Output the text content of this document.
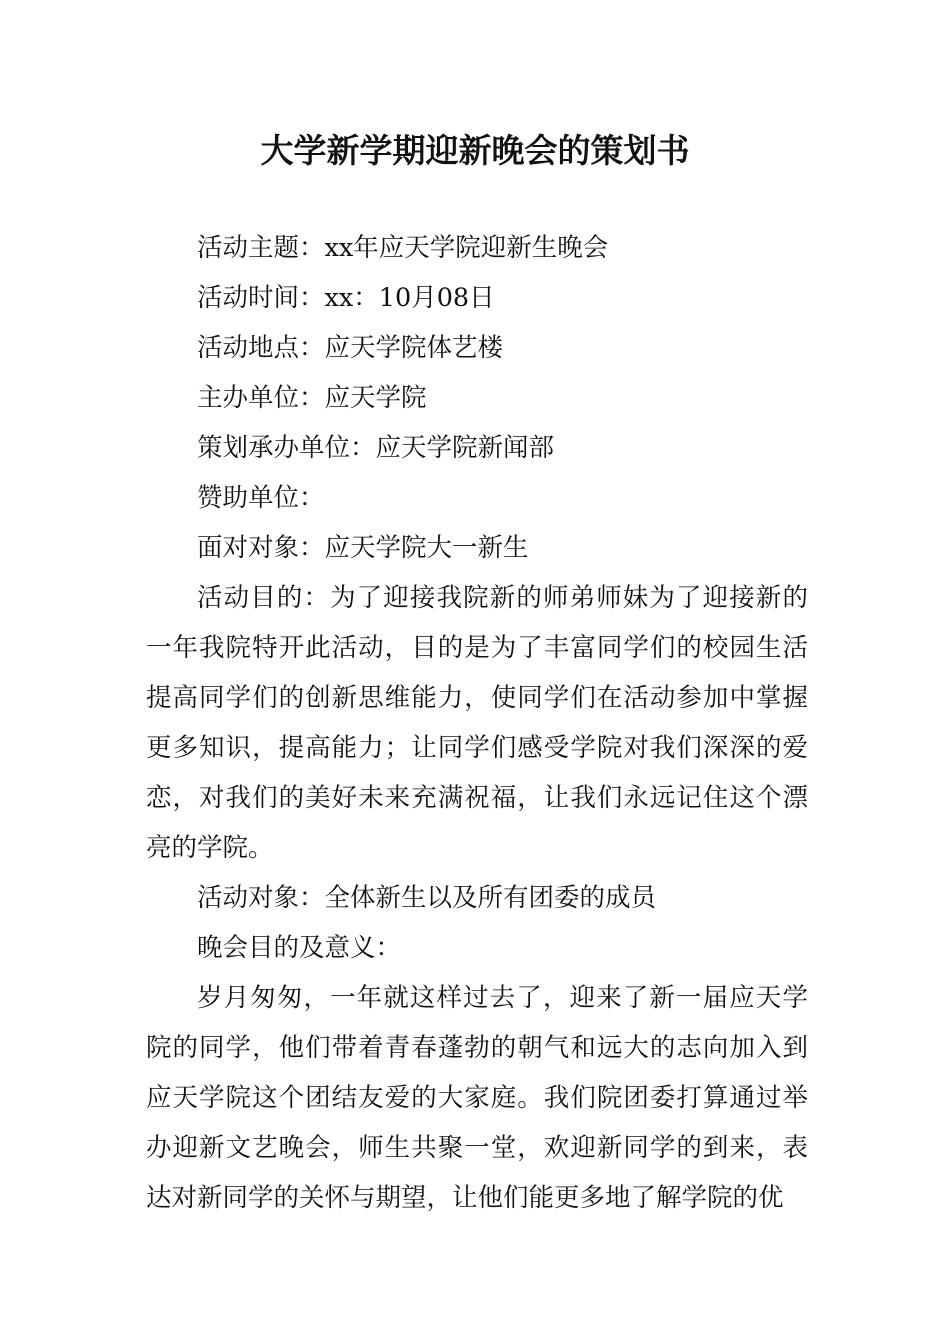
大学新学期迎新晚会的策划书

活动主题：xx年应天学院迎新生晚会

活动时间：xx：10月08日

活动地点：应天学院体艺楼

主办单位：应天学院

策划承办单位：应天学院新闻部

赞助单位：

面对对象：应天学院大一新生

活动目的：为了迎接我院新的师弟师妹为了迎接新的一年我院特开此活动，目的是为了丰富同学们的校园生活提高同学们的创新思维能力，使同学们在活动参加中掌握更多知识，提高能力；让同学们感受学院对我们深深的爱恋，对我们的美好未来充满祝福，让我们永远记住这个漂亮的学院。

活动对象：全体新生以及所有团委的成员

晚会目的及意义：

岁月匆匆，一年就这样过去了，迎来了新一届应天学院的同学，他们带着青春蓬勃的朝气和远大的志向加入到应天学院这个团结友爱的大家庭。我们院团委打算通过举办迎新文艺晚会，师生共聚一堂，欢迎新同学的到来，表达对新同学的关怀与期望，让他们能更多地了解学院的优
